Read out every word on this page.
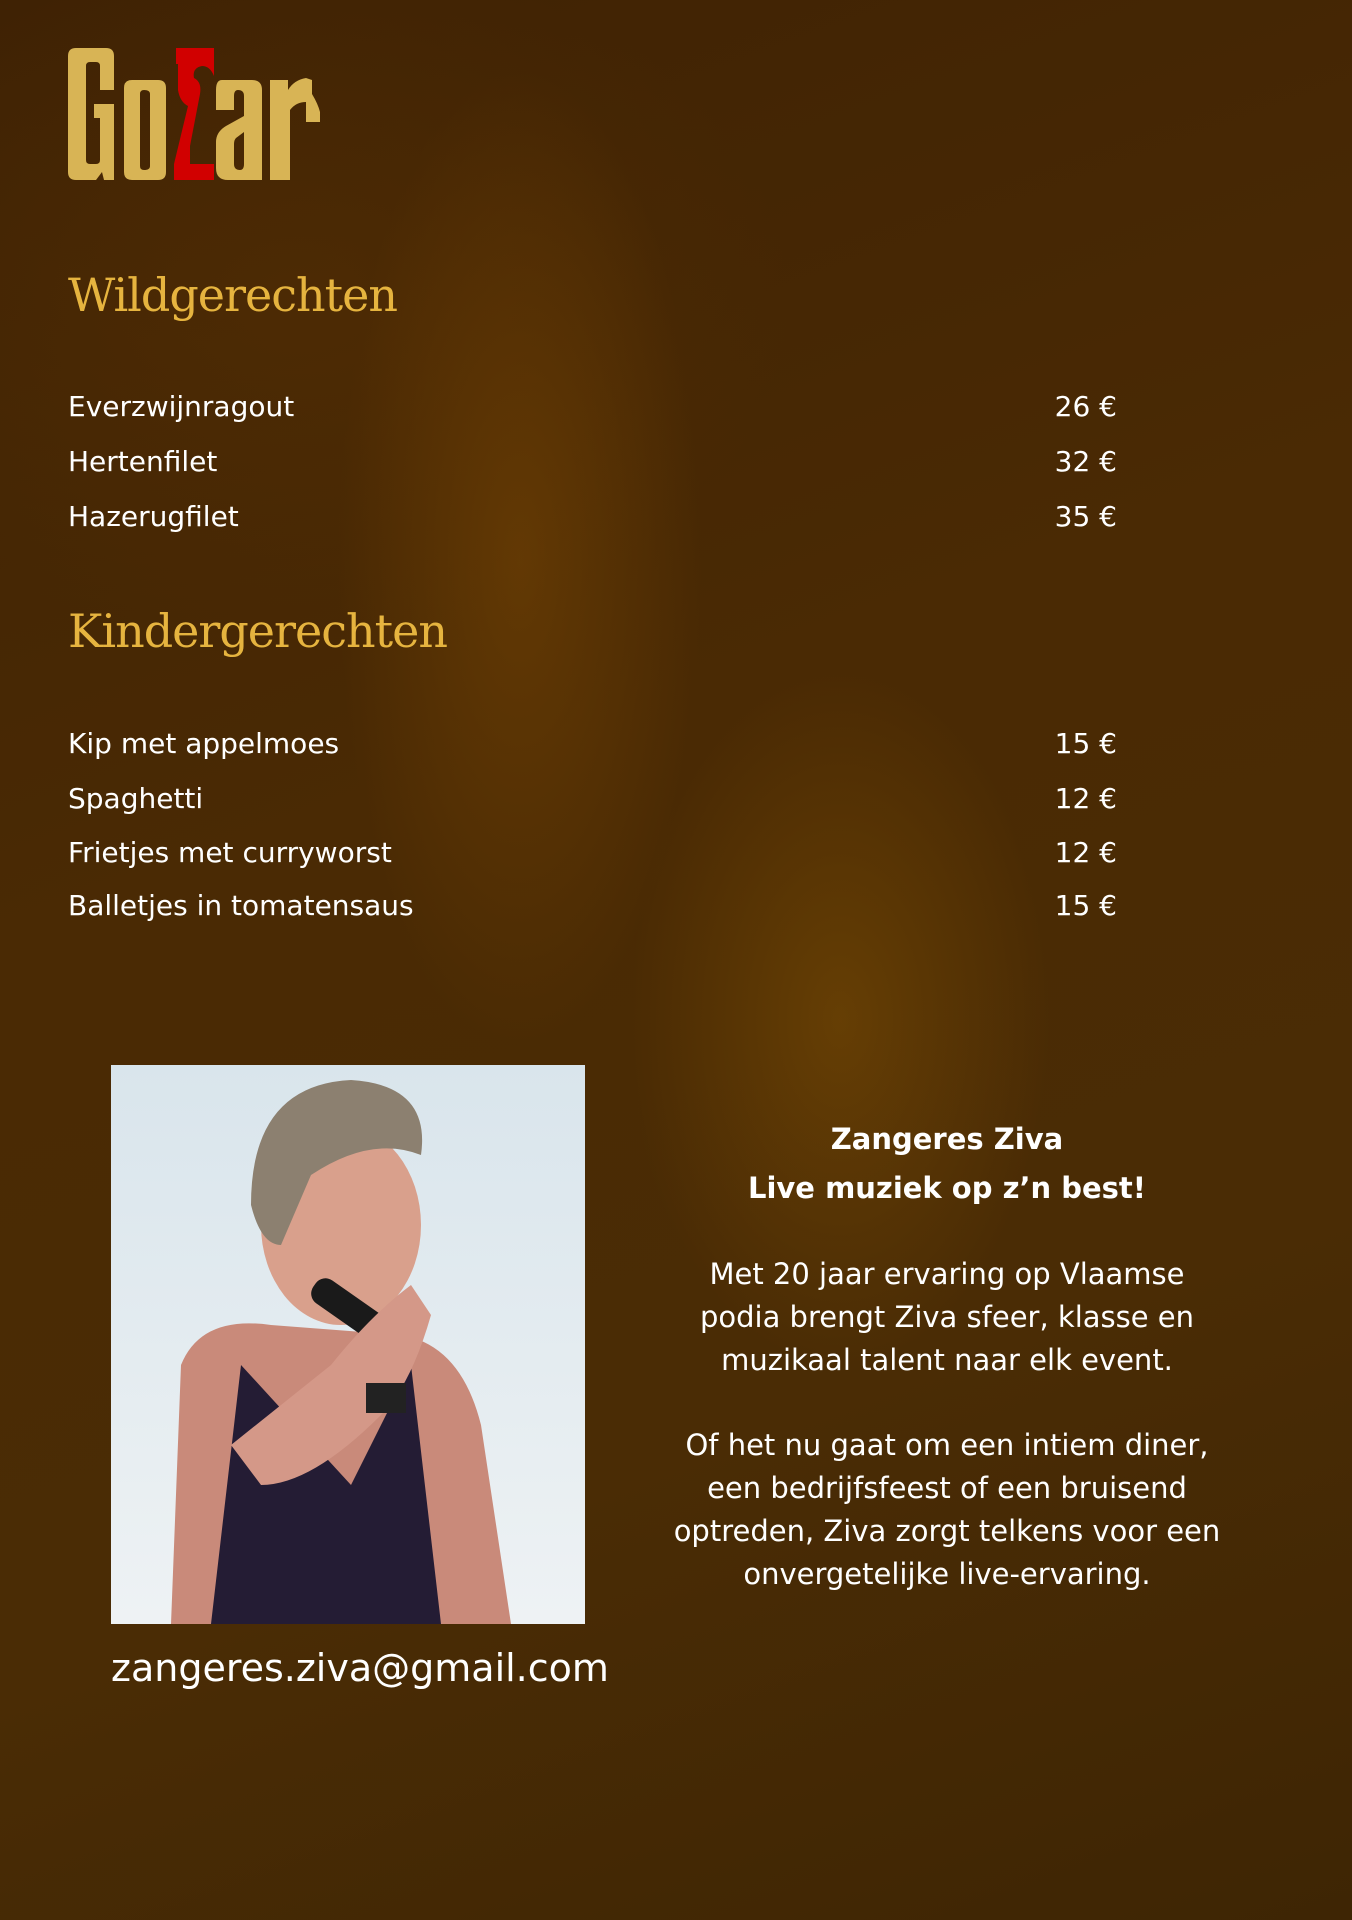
Wildgerechten
Everzwijnragout	26 €
Hertenfilet	32 €
Hazerugfilet	35 €
Kindergerechten
Kip met appelmoes	15 €
Spaghetti	12 €
Frietjes met curryworst	12 €
Balletjes in tomatensaus	15 €
zangeres.ziva@gmail.com
Zangeres Ziva
Live muziek op z’n best!
Met 20 jaar ervaring op Vlaamse
podia brengt Ziva sfeer, klasse en
muzikaal talent naar elk event.
Of het nu gaat om een intiem diner,
een bedrijfsfeest of een bruisend
optreden, Ziva zorgt telkens voor een
onvergetelijke live-ervaring.
